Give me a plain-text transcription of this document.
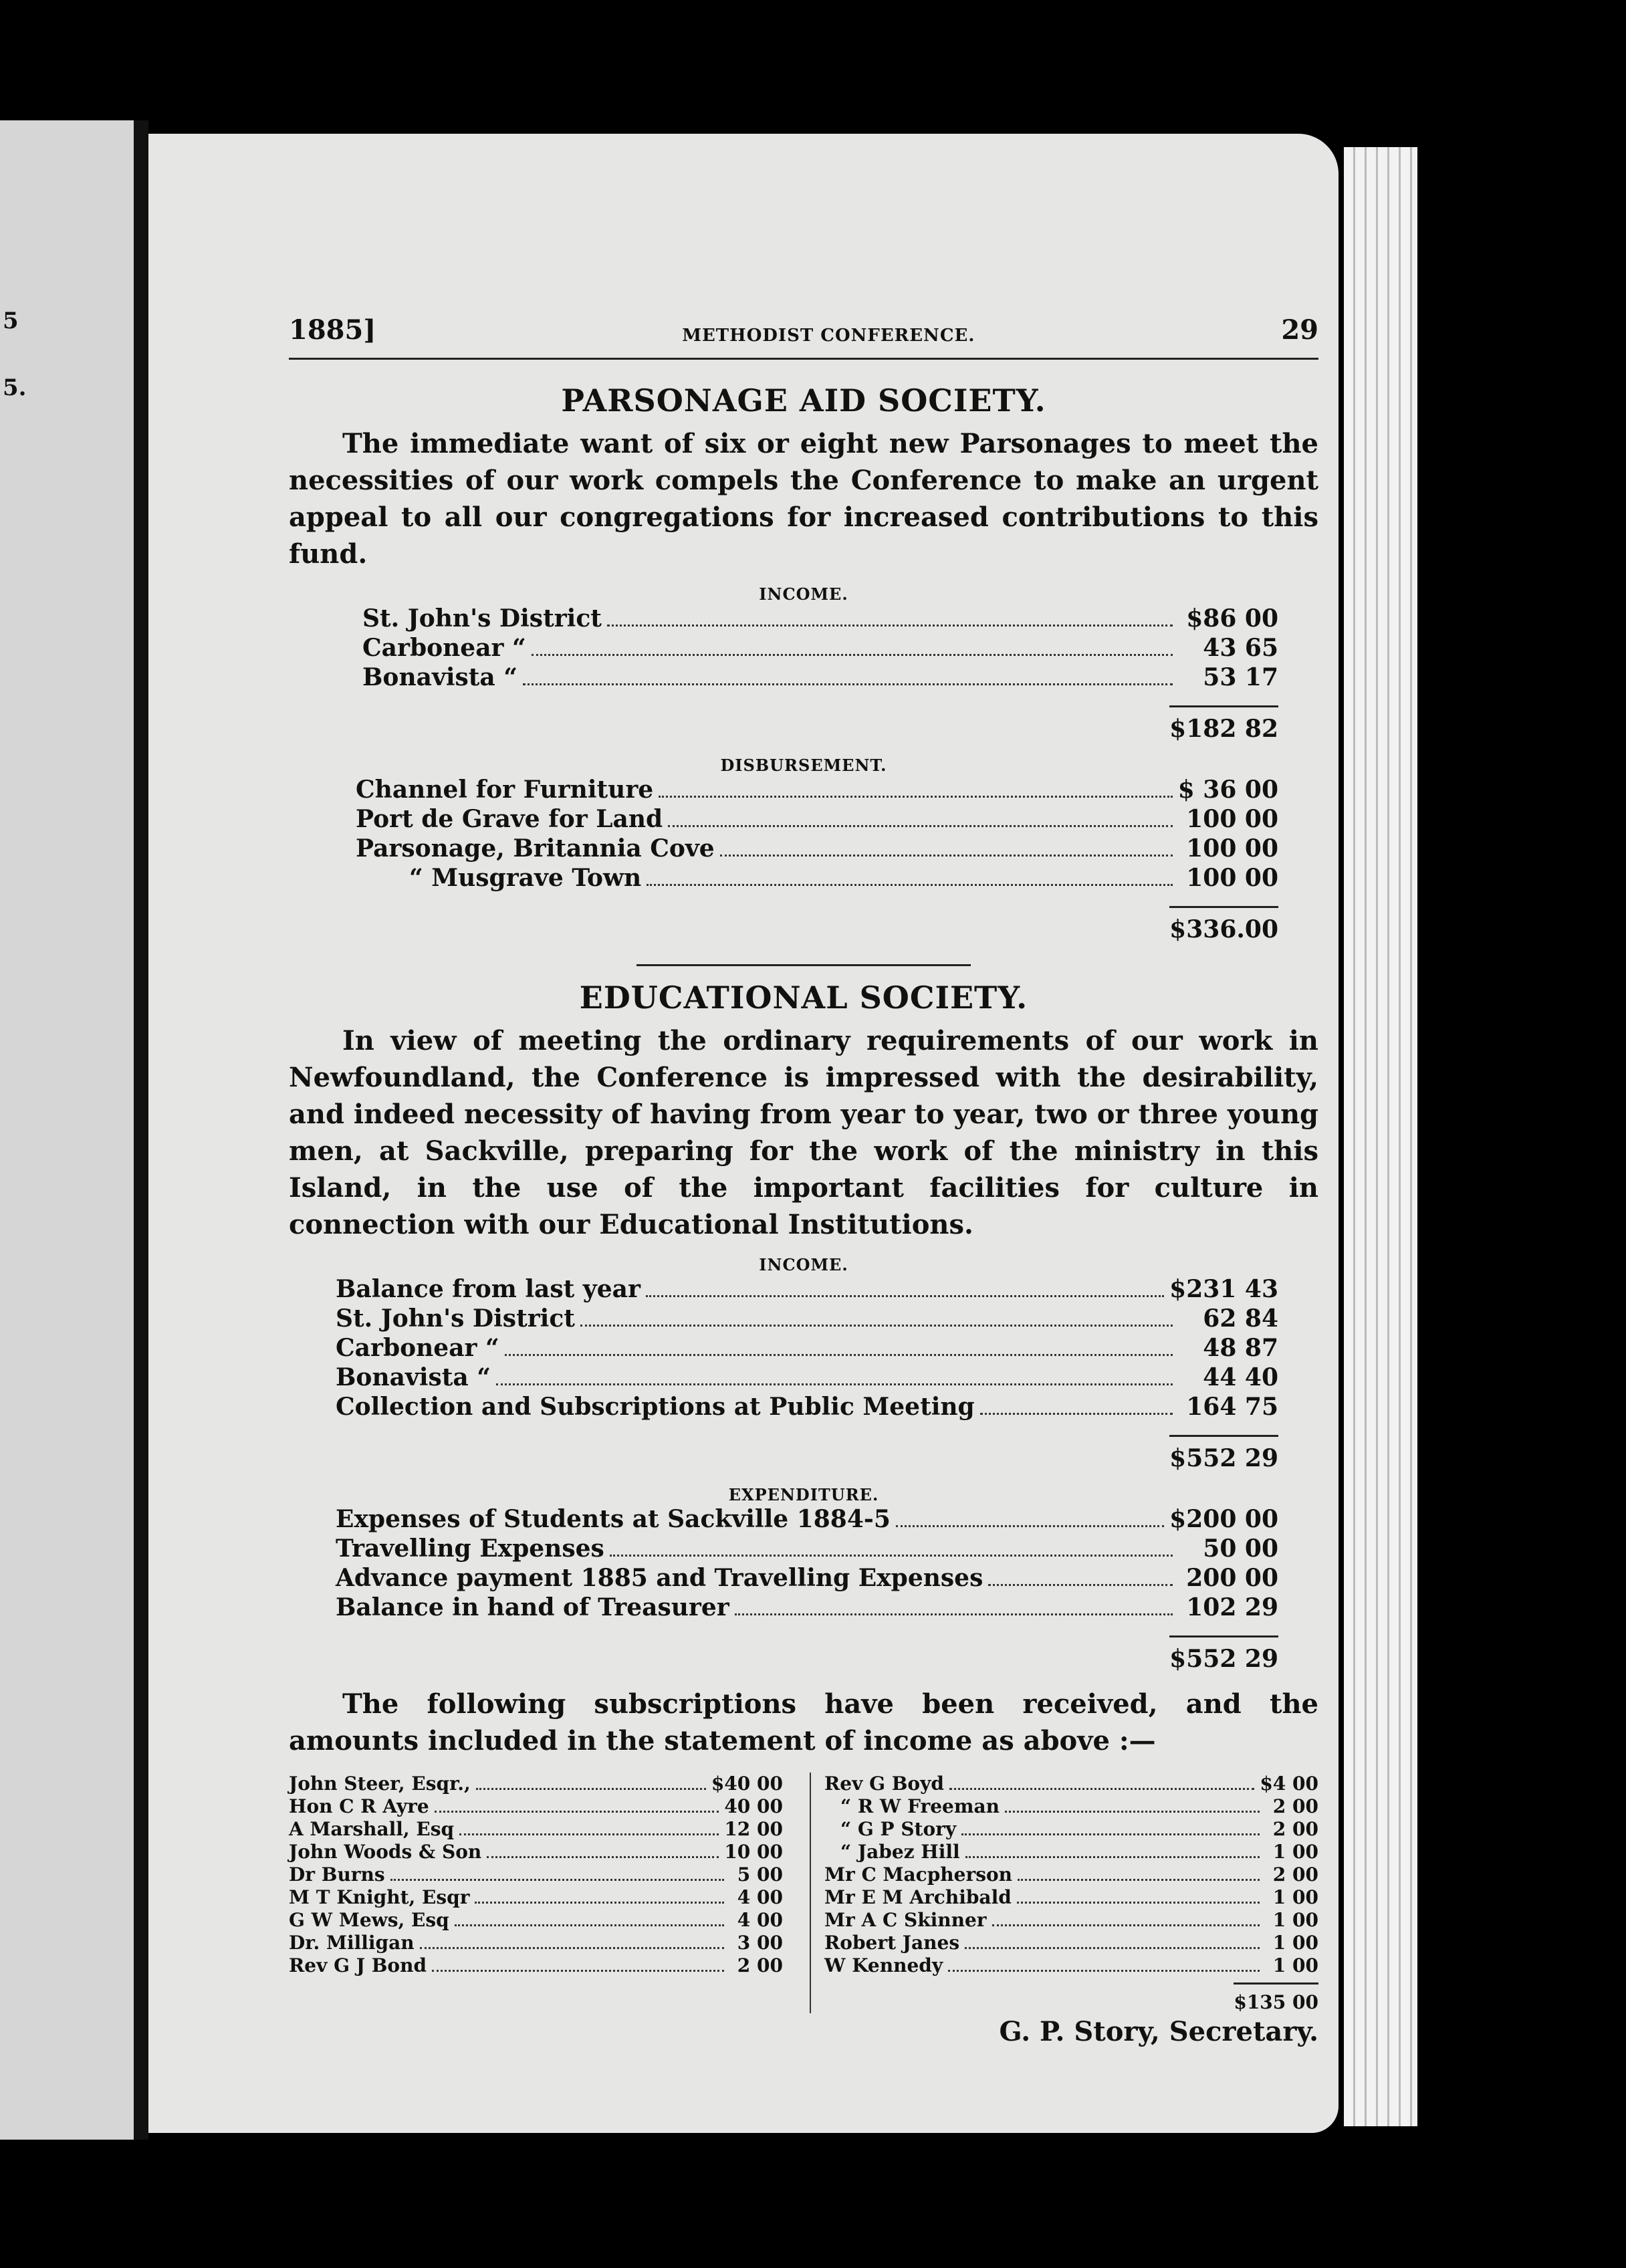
5
5.
1885]	METHODIST CONFERENCE.	29
PARSONAGE AID SOCIETY.
The immediate want of six or eight new Parsonages to meet the necessities of our work compels the Conference to make an urgent appeal to all our congregations for increased contributions to this fund.
INCOME.
St. John's District	$86 00
Carbonear “	43 65
Bonavista “	53 17
$182 82
DISBURSEMENT.
Channel for Furniture	$ 36 00
Port de Grave for Land	100 00
Parsonage, Britannia Cove	100 00
“ Musgrave Town	100 00
$336.00
EDUCATIONAL SOCIETY.
In view of meeting the ordinary requirements of our work in Newfoundland, the Conference is impressed with the desirability, and indeed necessity of having from year to year, two or three young men, at Sackville, preparing for the work of the ministry in this Island, in the use of the important facilities for culture in connection with our Educational Institutions.
INCOME.
Balance from last year	$231 43
St. John's District	62 84
Carbonear “	48 87
Bonavista “	44 40
Collection and Subscriptions at Public Meeting	164 75
$552 29
EXPENDITURE.
Expenses of Students at Sackville 1884-5	$200 00
Travelling Expenses	50 00
Advance payment 1885 and Travelling Expenses	200 00
Balance in hand of Treasurer	102 29
$552 29
The following subscriptions have been received, and the amounts included in the statement of income as above :—
John Steer, Esqr.,	$40 00
Hon C R Ayre	40 00
A Marshall, Esq	12 00
John Woods & Son	10 00
Dr Burns	5 00
M T Knight, Esqr	4 00
G W Mews, Esq	4 00
Dr. Milligan	3 00
Rev G J Bond	2 00
Rev G Boyd	$4 00
“ R W Freeman	2 00
“ G P Story	2 00
“ Jabez Hill	1 00
Mr C Macpherson	2 00
Mr E M Archibald	1 00
Mr A C Skinner	1 00
Robert Janes	1 00
W Kennedy	1 00
$135 00
G. P. Story, Secretary.
